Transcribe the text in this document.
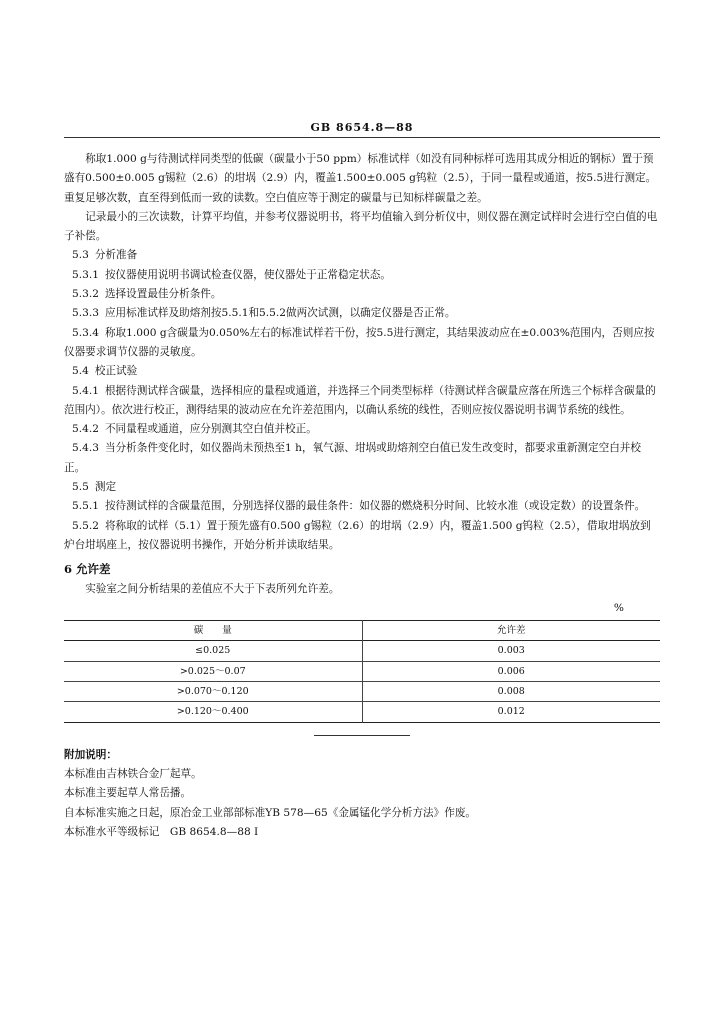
GB 8654.8—88

称取1.000 g与待测试样同类型的低碳（碳量小于50 ppm）标准试样（如没有同种标样可选用其成分相近的钢标）置于预盛有0.500±0.005 g锡粒（2.6）的坩埚（2.9）内，覆盖1.500±0.005 g钨粒（2.5），于同一量程或通道，按5.5进行测定。重复足够次数，直至得到低而一致的读数。空白值应等于测定的碳量与已知标样碳量之差。

记录最小的三次读数，计算平均值，并参考仪器说明书，将平均值输入到分析仪中，则仪器在测定试样时会进行空白值的电子补偿。

5.3 分析准备

5.3.1 按仪器使用说明书调试检查仪器，使仪器处于正常稳定状态。

5.3.2 选择设置最佳分析条件。

5.3.3 应用标准试样及助熔剂按5.5.1和5.5.2做两次试测，以确定仪器是否正常。

5.3.4 称取1.000 g含碳量为0.050%左右的标准试样若干份，按5.5进行测定，其结果波动应在±0.003%范围内，否则应按仪器要求调节仪器的灵敏度。

5.4 校正试验

5.4.1 根据待测试样含碳量，选择相应的量程或通道，并选择三个同类型标样（待测试样含碳量应落在所选三个标样含碳量的范围内）。依次进行校正，测得结果的波动应在允许差范围内，以确认系统的线性，否则应按仪器说明书调节系统的线性。

5.4.2 不同量程或通道，应分别测其空白值并校正。

5.4.3 当分析条件变化时，如仪器尚未预热至1 h，氧气源、坩埚或助熔剂空白值已发生改变时，都要求重新测定空白并校正。

5.5 测定

5.5.1 按待测试样的含碳量范围，分别选择仪器的最佳条件：如仪器的燃烧积分时间、比较水准（或设定数）的设置条件。

5.5.2 将称取的试样（5.1）置于预先盛有0.500 g锡粒（2.6）的坩埚（2.9）内，覆盖1.500 g钨粒（2.5），借取坩埚放到炉台坩埚座上，按仪器说明书操作，开始分析并读取结果。

6 允许差

实验室之间分析结果的差值应不大于下表所列允许差。

%

碳　　量	允许差
≤0.025	0.003
>0.025～0.07	0.006
>0.070～0.120	0.008
>0.120～0.400	0.012

附加说明：

本标准由吉林铁合金厂起草。

本标准主要起草人常岳播。

自本标准实施之日起，原冶金工业部部标准YB 578—65《金属锰化学分析方法》作废。

本标准水平等级标记　GB 8654.8—88 I
